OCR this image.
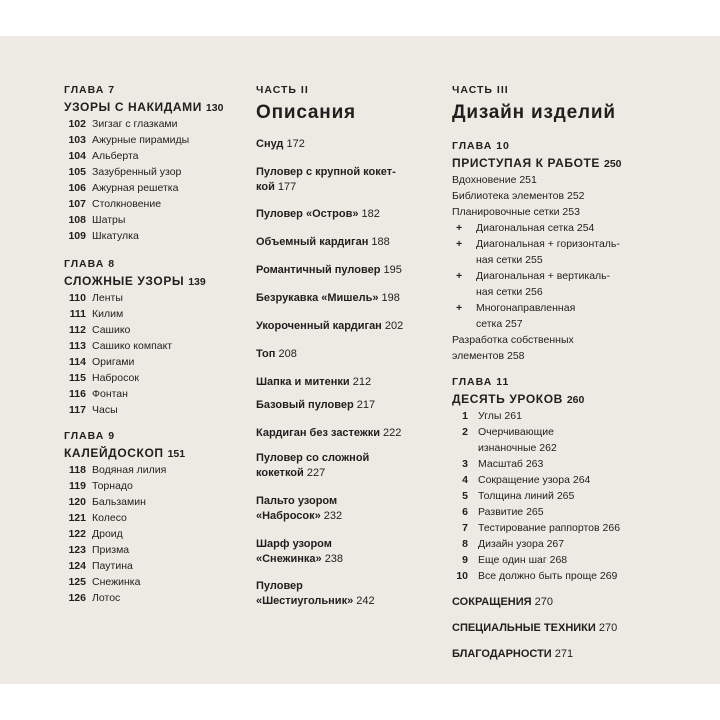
ГЛАВА 7
УЗОРЫ С НАКИДАМИ 130
102 Зигзаг с глазками
103 Ажурные пирамиды
104 Альберта
105 Зазубренный узор
106 Ажурная решетка
107 Столкновение
108 Шатры
109 Шкатулка
ГЛАВА 8
СЛОЖНЫЕ УЗОРЫ 139
110 Ленты
111 Килим
112 Сашико
113 Сашико компакт
114 Оригами
115 Набросок
116 Фонтан
117 Часы
ГЛАВА 9
КАЛЕЙДОСКОП 151
118 Водяная лилия
119 Торнадо
120 Бальзамин
121 Колесо
122 Дроид
123 Призма
124 Паутина
125 Снежинка
126 Лотос
ЧАСТЬ II
Описания
Снуд 172
Пуловер с крупной кокет-
кой 177
Пуловер «Остров» 182
Объемный кардиган 188
Романтичный пуловер 195
Безрукавка «Мишель» 198
Укороченный кардиган 202
Топ 208
Шапка и митенки 212
Базовый пуловер 217
Кардиган без застежки 222
Пуловер со сложной
кокеткой 227
Пальто узором
«Набросок» 232
Шарф узором
«Снежинка» 238
Пуловер
«Шестиугольник» 242
ЧАСТЬ III
Дизайн изделий
ГЛАВА 10
ПРИСТУПАЯ К РАБОТЕ 250
Вдохновение 251
Библиотека элементов 252
Планировочные сетки 253
+ Диагональная сетка 254
+ Диагональная + горизонталь-
ная сетки 255
+ Диагональная + вертикаль-
ная сетки 256
+ Многонаправленная
сетка 257
Разработка собственных
элементов 258
ГЛАВА 11
ДЕСЯТЬ УРОКОВ 260
1 Углы 261
2 Очерчивающие
изнаночные 262
3 Масштаб 263
4 Сокращение узора 264
5 Толщина линий 265
6 Развитие 265
7 Тестирование раппортов 266
8 Дизайн узора 267
9 Еще один шаг 268
10 Все должно быть проще 269
СОКРАЩЕНИЯ 270
СПЕЦИАЛЬНЫЕ ТЕХНИКИ 270
БЛАГОДАРНОСТИ 271
